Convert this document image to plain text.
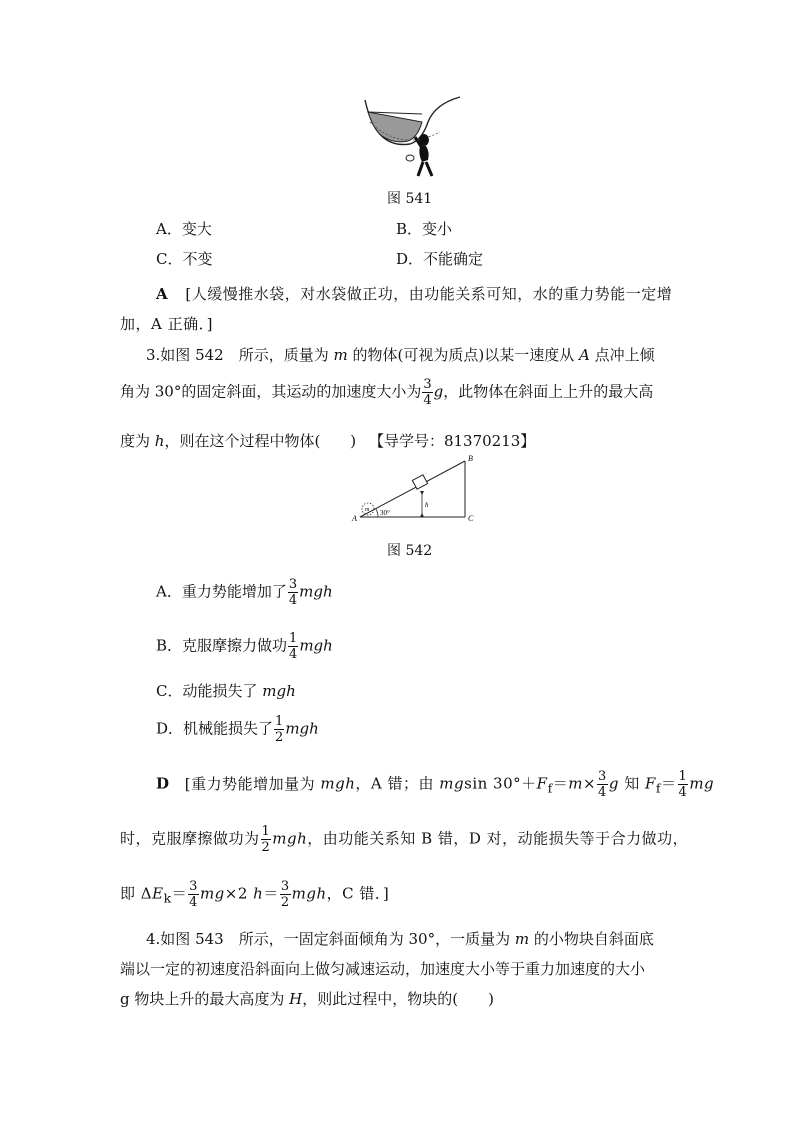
图 541
A．变大	B．变小
C．不变	D．不能确定
A [人缓慢推水袋，对水袋做正功，由功能关系可知，水的重力势能一定增
加，A 正确．]
3.如图 542　所示，质量为 m 的物体(可视为质点)以某一速度从 A 点冲上倾
角为 30°的固定斜面，其运动的加速度大小为 $\frac{3}{4}$ g，此物体在斜面上上升的最大高
度为 h，则在这个过程中物体(　　) 【导学号：81370213】
B
C
A
m 30°
h
图 542
A．重力势能增加了 $\frac{3}{4}$ mgh
B．克服摩擦力做功 $\frac{1}{4}$ mgh
C．动能损失了 mgh
D．机械能损失了 $\frac{1}{2}$ mgh
D [重力势能增加量为 mgh，A 错；由 mgsin $30^\circ+F_f=m\times \frac{3}{4}$ g 知 $F_f= \frac{1}{4}$ mg
时，克服摩擦做功为 $\frac{1}{2}$ mgh，由功能关系知 B 错，D 对，动能损失等于合力做功，
即 $\Delta E_k= \frac{3}{4} mg\times 2$ $h= \frac{3}{2}$ mgh，C 错．]
4.如图 543　所示，一固定斜面倾角为 30°，一质量为 m 的小物块自斜面底
端以一定的初速度沿斜面向上做匀减速运动，加速度大小等于重力加速度的大小
g 物块上升的最大高度为 H，则此过程中，物块的(　　)
